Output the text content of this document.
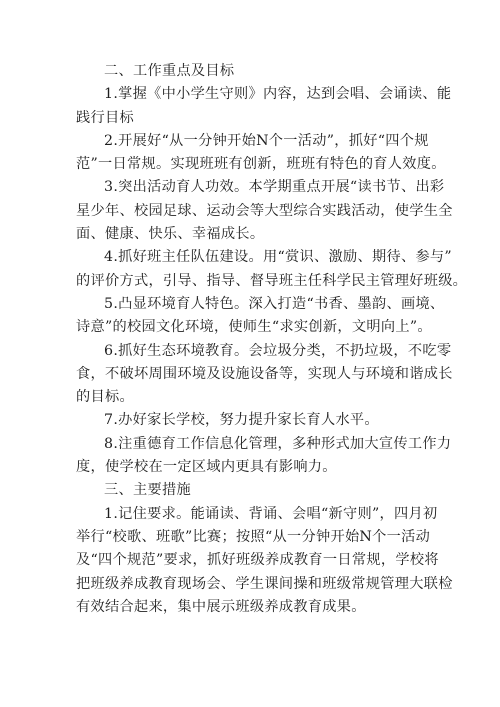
二、工作重点及目标
1.掌握《中小学生守则》内容，达到会唱、会诵读、能
践行目标
2.开展好“从一分钟开始N个一活动”，抓好“四个规
范”一日常规。实现班班有创新，班班有特色的育人效度。
3.突出活动育人功效。本学期重点开展“读书节、出彩
星少年、校园足球、运动会等大型综合实践活动，使学生全
面、健康、快乐、幸福成长。
4.抓好班主任队伍建设。用“赏识、激励、期待、参与”
的评价方式，引导、指导、督导班主任科学民主管理好班级。
5.凸显环境育人特色。深入打造“书香、墨韵、画境、
诗意”的校园文化环境，使师生“求实创新，文明向上”。
6.抓好生态环境教育。会垃圾分类，不扔垃圾，不吃零
食，不破坏周围环境及设施设备等，实现人与环境和谐成长
的目标。
7.办好家长学校，努力提升家长育人水平。
8.注重德育工作信息化管理，多种形式加大宣传工作力
度，使学校在一定区域内更具有影响力。
三、主要措施
1.记住要求。能诵读、背诵、会唱“新守则”，四月初
举行“校歌、班歌”比赛；按照“从一分钟开始N个一活动
及“四个规范”要求，抓好班级养成教育一日常规，学校将
把班级养成教育现场会、学生课间操和班级常规管理大联检
有效结合起来，集中展示班级养成教育成果。
